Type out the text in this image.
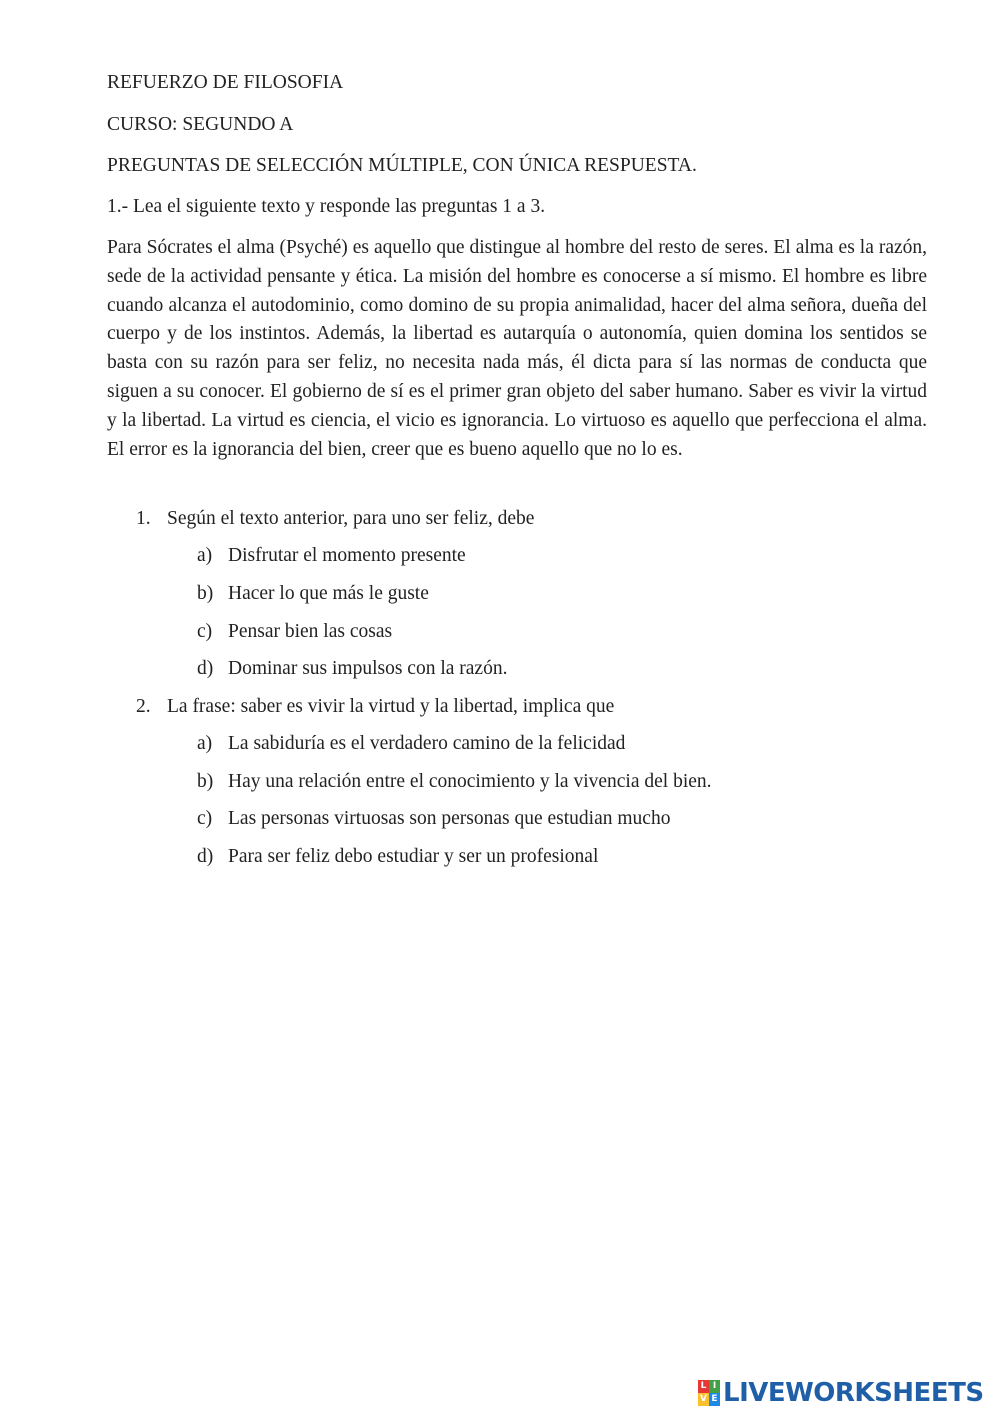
REFUERZO DE FILOSOFIA
CURSO: SEGUNDO A
PREGUNTAS DE SELECCIÓN MÚLTIPLE, CON ÚNICA RESPUESTA.
1.- Lea el siguiente texto y responde las preguntas 1 a 3.
Para Sócrates el alma (Psyché) es aquello que distingue al hombre del resto de seres. El alma es la razón, sede de la actividad pensante y ética. La misión del hombre es conocerse a sí mismo. El hombre es libre cuando alcanza el autodominio, como domino de su propia animalidad, hacer del alma señora, dueña del cuerpo y de los instintos. Además, la libertad es autarquía o autonomía, quien domina los sentidos se basta con su razón para ser feliz, no necesita nada más, él dicta para sí las normas de conducta que siguen a su conocer. El gobierno de sí es el primer gran objeto del saber humano. Saber es vivir la virtud y la libertad. La virtud es ciencia, el vicio es ignorancia. Lo virtuoso es aquello que perfecciona el alma. El error es la ignorancia del bien, creer que es bueno aquello que no lo es.
1. Según el texto anterior, para uno ser feliz, debe
a) Disfrutar el momento presente
b) Hacer lo que más le guste
c) Pensar bien las cosas
d) Dominar sus impulsos con la razón.
2. La frase: saber es vivir la virtud y la libertad, implica que
a) La sabiduría es el verdadero camino de la felicidad
b) Hay una relación entre el conocimiento y la vivencia del bien.
c) Las personas virtuosas son personas que estudian mucho
d) Para ser feliz debo estudiar y ser un profesional
L I
V E LIVEWORKSHEETS
